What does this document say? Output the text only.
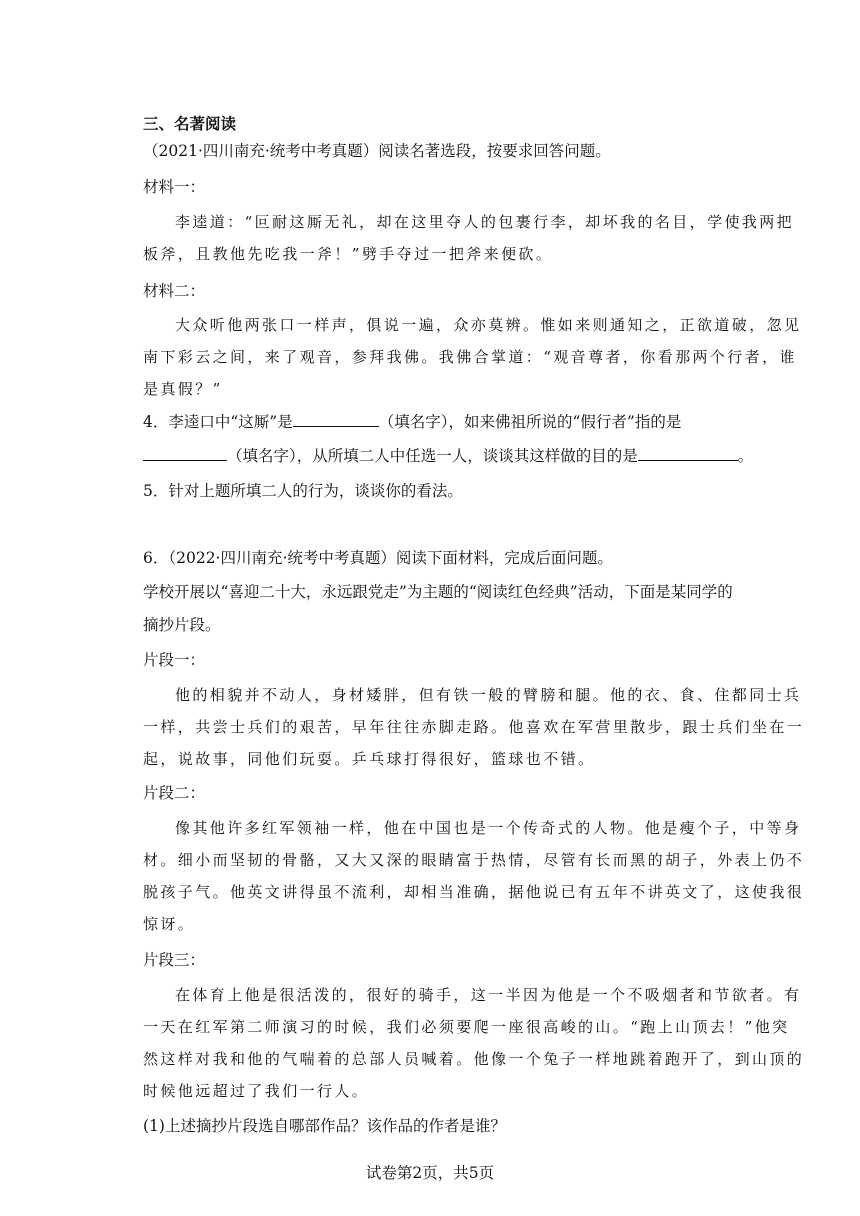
三、名著阅读
（2021·四川南充·统考中考真题）阅读名著选段，按要求回答问题。
材料一：
李逵道：“叵耐这厮无礼，却在这里夺人的包裹行李，却坏我的名目，学使我两把
板斧，且教他先吃我一斧！”劈手夺过一把斧来便砍。
材料二：
大众听他两张口一样声，俱说一遍，众亦莫辨。惟如来则通知之，正欲道破，忽见
南下彩云之间，来了观音，参拜我佛。我佛合掌道：“观音尊者，你看那两个行者，谁
是真假？”
4．李逵口中“这厮”是	（填名字），如来佛祖所说的“假行者”指的是
（填名字），从所填二人中任选一人，谈谈其这样做的目的是	。
5．针对上题所填二人的行为，谈谈你的看法。
6．（2022·四川南充·统考中考真题）阅读下面材料，完成后面问题。
学校开展以“喜迎二十大，永远跟党走”为主题的“阅读红色经典”活动，下面是某同学的
摘抄片段。
片段一：
他的相貌并不动人，身材矮胖，但有铁一般的臂膀和腿。他的衣、食、住都同士兵
一样，共尝士兵们的艰苦，早年往往赤脚走路。他喜欢在军营里散步，跟士兵们坐在一
起，说故事，同他们玩耍。乒乓球打得很好，篮球也不错。
片段二：
像其他许多红军领袖一样，他在中国也是一个传奇式的人物。他是瘦个子，中等身
材。细小而坚韧的骨骼，又大又深的眼睛富于热情，尽管有长而黑的胡子，外表上仍不
脱孩子气。他英文讲得虽不流利，却相当准确，据他说已有五年不讲英文了，这使我很
惊讶。
片段三：
在体育上他是很活泼的，很好的骑手，这一半因为他是一个不吸烟者和节欲者。有
一天在红军第二师演习的时候，我们必须要爬一座很高峻的山。“跑上山顶去！”他突
然这样对我和他的气喘着的总部人员喊着。他像一个兔子一样地跳着跑开了，到山顶的
时候他远超过了我们一行人。
(1)上述摘抄片段选自哪部作品？该作品的作者是谁？
试卷第2页，共5页
